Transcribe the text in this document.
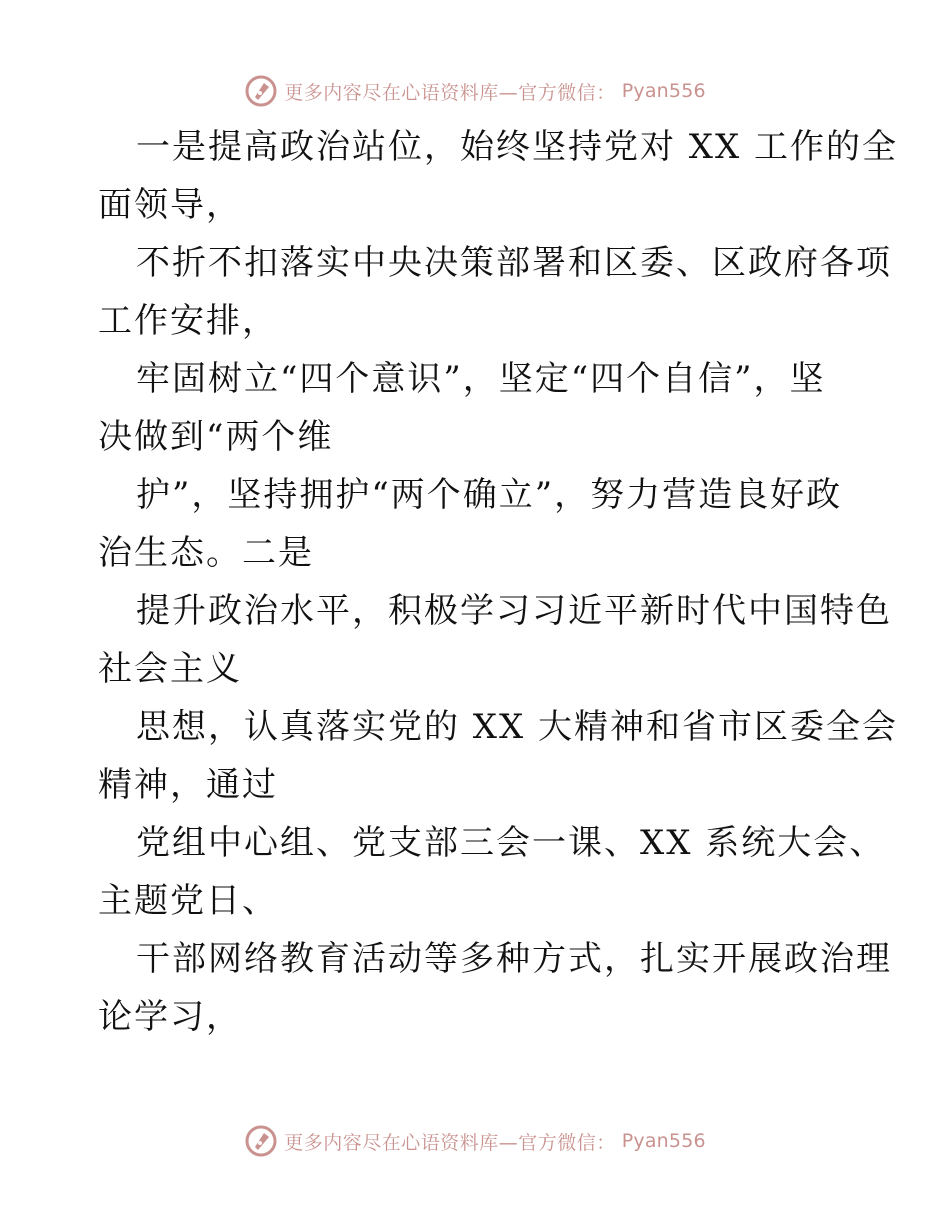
更多内容尽在心语资料库—官方微信： Pyan556

一是提高政治站位，始终坚持党对 XX 工作的全
面领导，

不折不扣落实中央决策部署和区委、区政府各项
工作安排，

牢固树立“四个意识”，坚定“四个自信”，坚
决做到“两个维

护”，坚持拥护“两个确立”，努力营造良好政
治生态。二是

提升政治水平，积极学习习近平新时代中国特色
社会主义

思想，认真落实党的 XX 大精神和省市区委全会
精神，通过

党组中心组、党支部三会一课、XX 系统大会、
主题党日、

干部网络教育活动等多种方式，扎实开展政治理
论学习，

更多内容尽在心语资料库—官方微信： Pyan556
